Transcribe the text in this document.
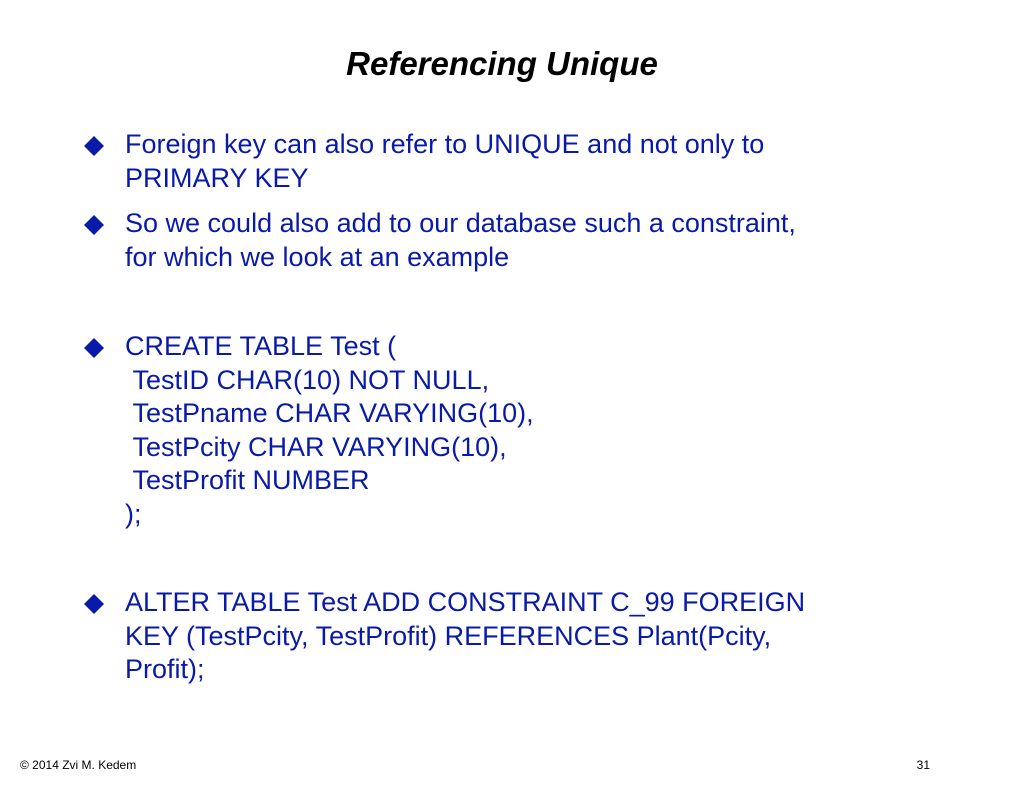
Referencing Unique
Foreign key can also refer to UNIQUE and not only to
PRIMARY KEY
So we could also add to our database such a constraint,
for which we look at an example
CREATE TABLE Test (
TestID CHAR(10) NOT NULL,
TestPname CHAR VARYING(10),
TestPcity CHAR VARYING(10),
TestProfit NUMBER
);
ALTER TABLE Test ADD CONSTRAINT C_99 FOREIGN
KEY (TestPcity, TestProfit) REFERENCES Plant(Pcity,
Profit);
© 2014 Zvi M. Kedem	31
